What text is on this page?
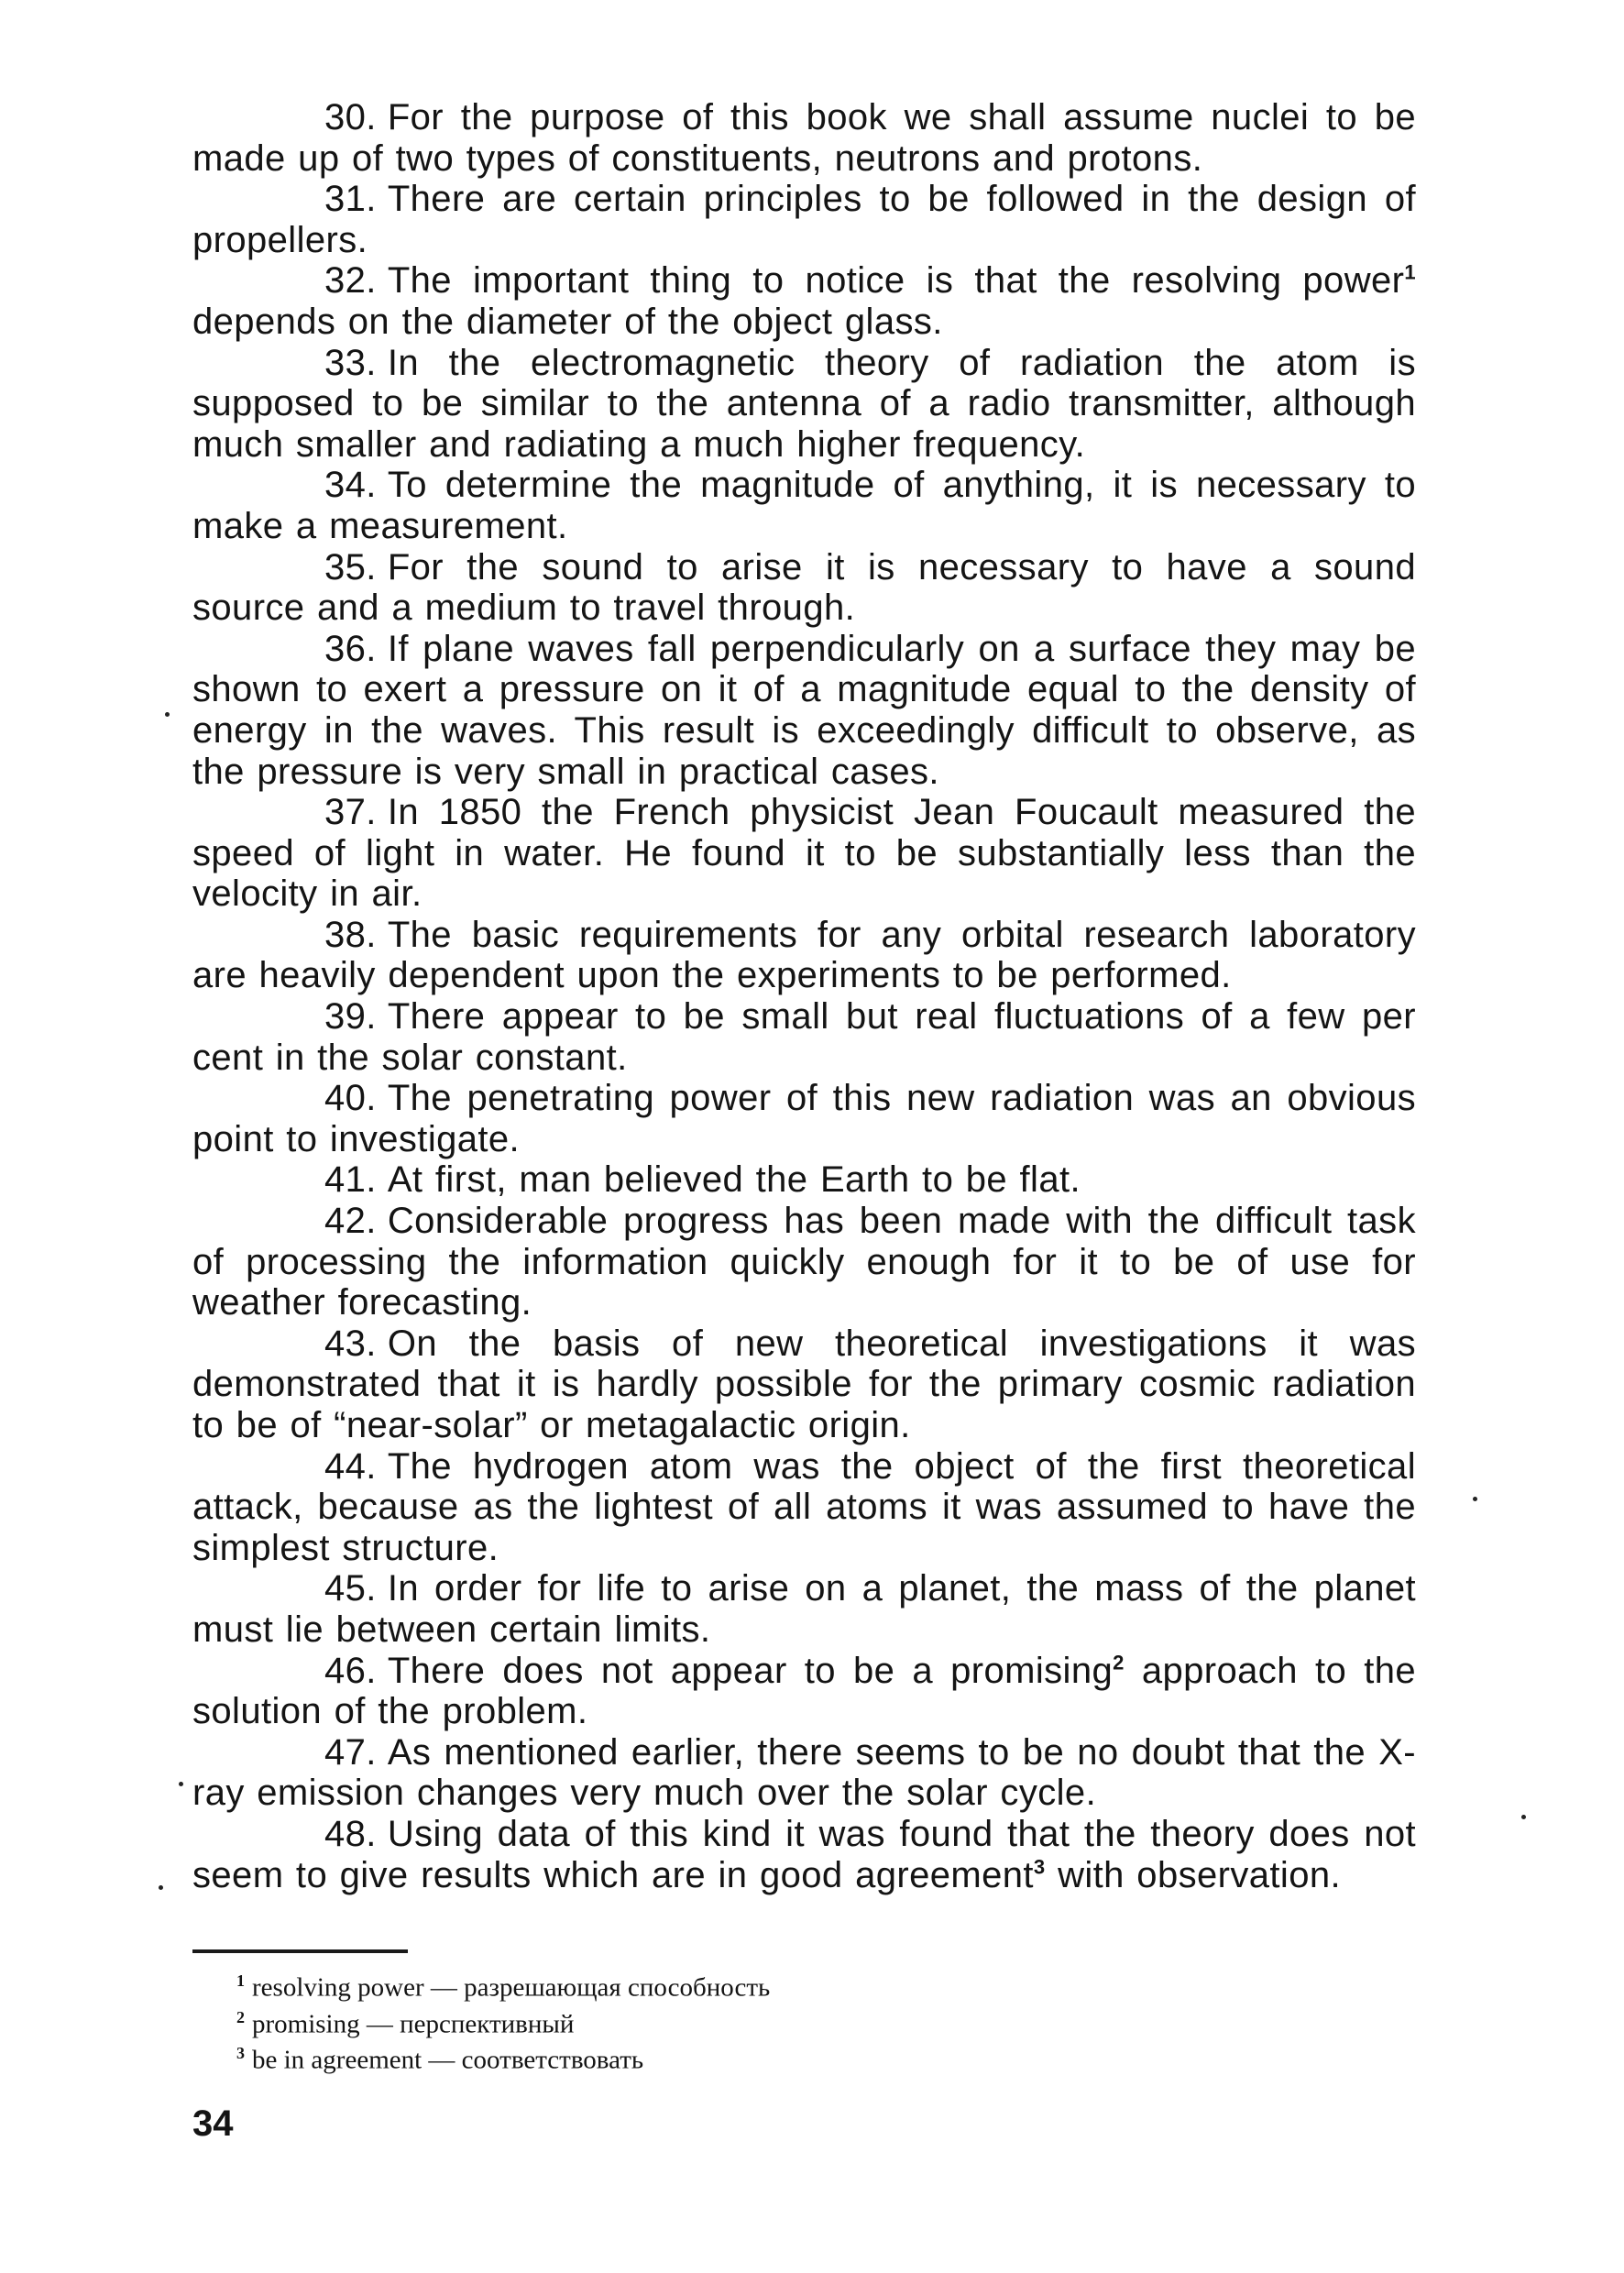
30. For the purpose of this book we shall assume nuclei to be made up of two types of constituents, neutrons and protons.

31. There are certain principles to be followed in the design of propellers.

32. The important thing to notice is that the resolving power$^1$ depends on the diameter of the object glass.

33. In the electromagnetic theory of radiation the atom is supposed to be similar to the antenna of a radio transmitter, although much smaller and radiating a much higher frequency.

34. To determine the magnitude of anything, it is necessary to make a measurement.

35. For the sound to arise it is necessary to have a sound source and a medium to travel through.

36. If plane waves fall perpendicularly on a surface they may be shown to exert a pressure on it of a magnitude equal to the density of energy in the waves. This result is exceedingly difficult to observe, as the pressure is very small in practical cases.

37. In 1850 the French physicist Jean Foucault measured the speed of light in water. He found it to be substantially less than the velocity in air.

38. The basic requirements for any orbital research laboratory are heavily dependent upon the experiments to be performed.

39. There appear to be small but real fluctuations of a few per cent in the solar constant.

40. The penetrating power of this new radiation was an obvious point to investigate.

41. At first, man believed the Earth to be flat.

42. Considerable progress has been made with the difficult task of processing the information quickly enough for it to be of use for weather forecasting.

43. On the basis of new theoretical investigations it was demonstrated that it is hardly possible for the primary cosmic radiation to be of “near-solar” or metagalactic origin.

44. The hydrogen atom was the object of the first theoretical attack, because as the lightest of all atoms it was assumed to have the simplest structure.

45. In order for life to arise on a planet, the mass of the planet must lie between certain limits.

46. There does not appear to be a promising$^2$ approach to the solution of the problem.

47. As mentioned earlier, there seems to be no doubt that the X-ray emission changes very much over the solar cycle.

48. Using data of this kind it was found that the theory does not seem to give results which are in good agreement$^3$ with observation.

$^1$ resolving power — разрешающая способность

$^2$ promising — перспективный

$^3$ be in agreement — соответствовать

34
